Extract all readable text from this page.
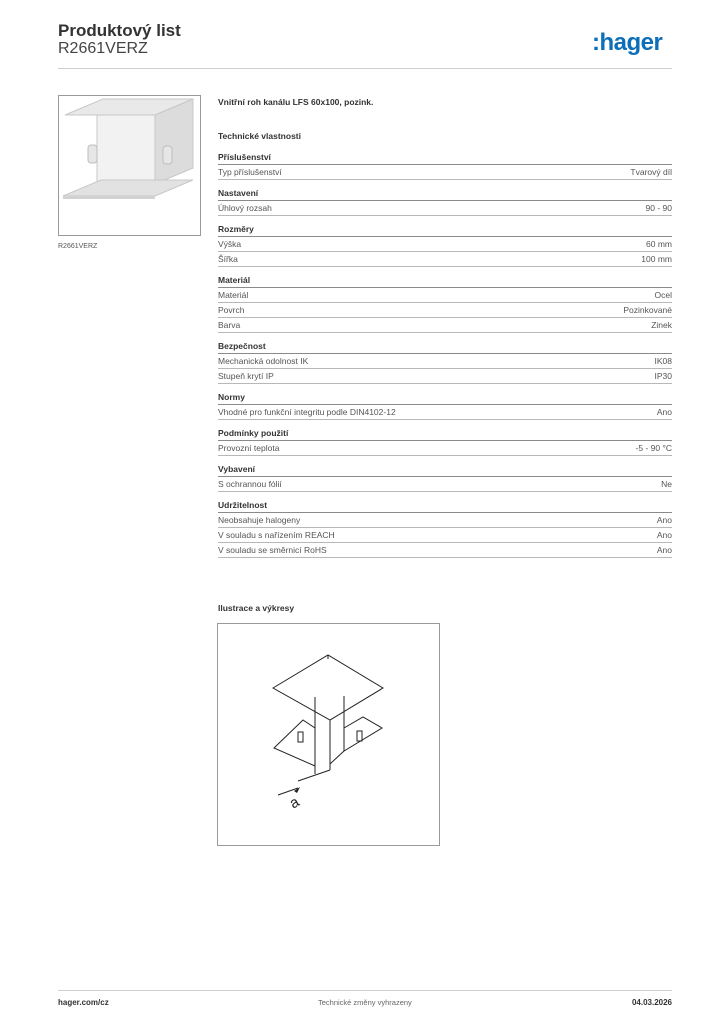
Produktový list
R2661VERZ	:hager
R2661VERZ
Vnitřní roh kanálu LFS 60x100, pozink.
Technické vlastnosti
Příslušenství
Typ příslušenství	Tvarový díl
Nastavení
Úhlový rozsah	90 - 90
Rozměry
Výška	60 mm
Šířka	100 mm
Materiál
Materiál	Ocel
Povrch	Pozinkované
Barva	Zinek
Bezpečnost
Mechanická odolnost IK	IK08
Stupeň krytí IP	IP30
Normy
Vhodné pro funkční integritu podle DIN4102-12	Ano
Podmínky použití
Provozní teplota	-5 - 90 °C
Vybavení
S ochrannou fólií	Ne
Udržitelnost
Neobsahuje halogeny	Ano
V souladu s nařízením REACH	Ano
V souladu se směrnicí RoHS	Ano
Ilustrace a výkresy
a
hager.com/cz	Technické změny vyhrazeny	04.03.2026
